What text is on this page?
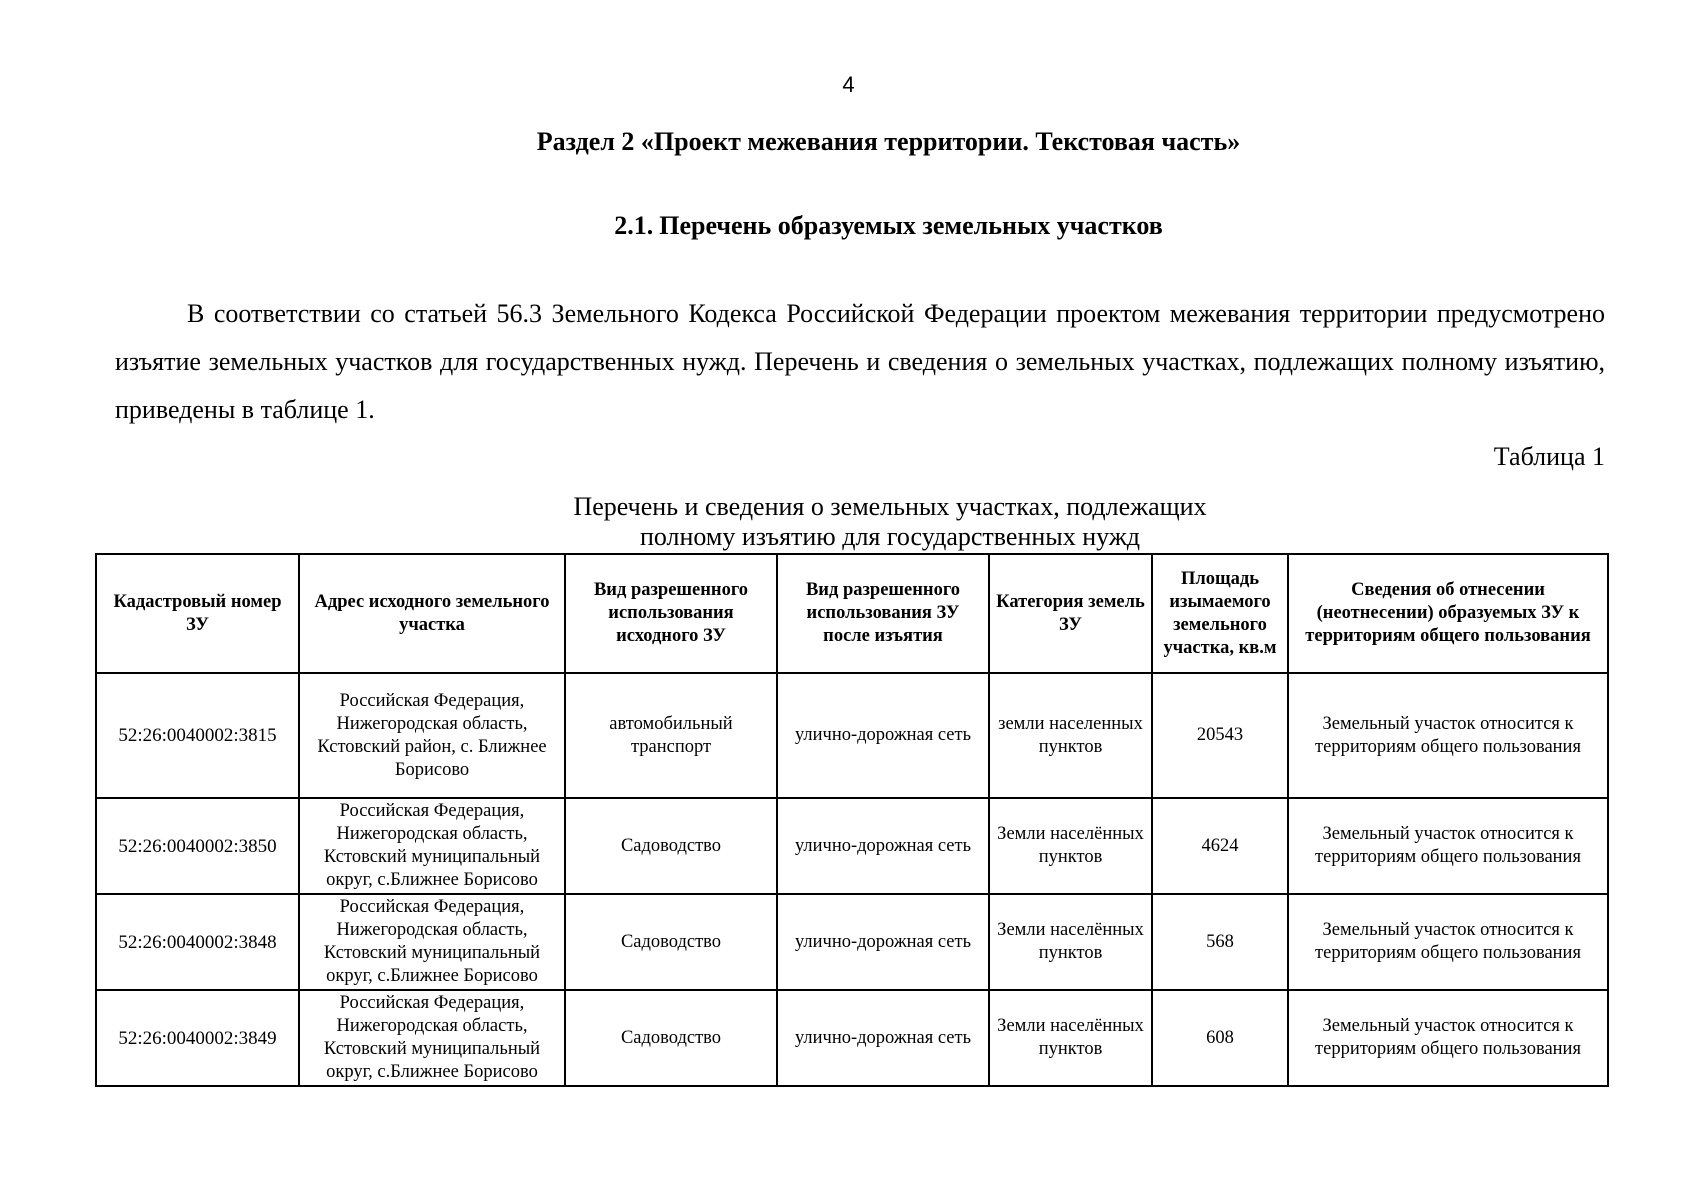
4
Раздел 2 «Проект межевания территории. Текстовая часть»
2.1. Перечень образуемых земельных участков

В соответствии со статьей 56.3 Земельного Кодекса Российской Федерации проектом межевания территории предусмотрено изъятие земельных участков для государственных нужд. Перечень и сведения о земельных участках, подлежащих полному изъятию, приведены в таблице 1.

Таблица 1
Перечень и сведения о земельных участках, подлежащих полному изъятию для государственных нужд
Кадастровый номер ЗУ	Адрес исходного земельного участка	Вид разрешенного использования исходного ЗУ	Вид разрешенного использования ЗУ после изъятия	Категория земель ЗУ	Площадь изымаемого земельного участка, кв.м	Сведения об отнесении (неотнесении) образуемых ЗУ к территориям общего пользования
52:26:0040002:3815	Российская Федерация, Нижегородская область, Кстовский район, с. Ближнее Борисово	автомобильный транспорт	улично-дорожная сеть	земли населенных пунктов	20543	Земельный участок относится к территориям общего пользования
52:26:0040002:3850	Российская Федерация, Нижегородская область, Кстовский муниципальный округ, с.Ближнее Борисово	Садоводство	улично-дорожная сеть	Земли населённых пунктов	4624	Земельный участок относится к территориям общего пользования
52:26:0040002:3848	Российская Федерация, Нижегородская область, Кстовский муниципальный округ, с.Ближнее Борисово	Садоводство	улично-дорожная сеть	Земли населённых пунктов	568	Земельный участок относится к территориям общего пользования
52:26:0040002:3849	Российская Федерация, Нижегородская область, Кстовский муниципальный округ, с.Ближнее Борисово	Садоводство	улично-дорожная сеть	Земли населённых пунктов	608	Земельный участок относится к территориям общего пользования
